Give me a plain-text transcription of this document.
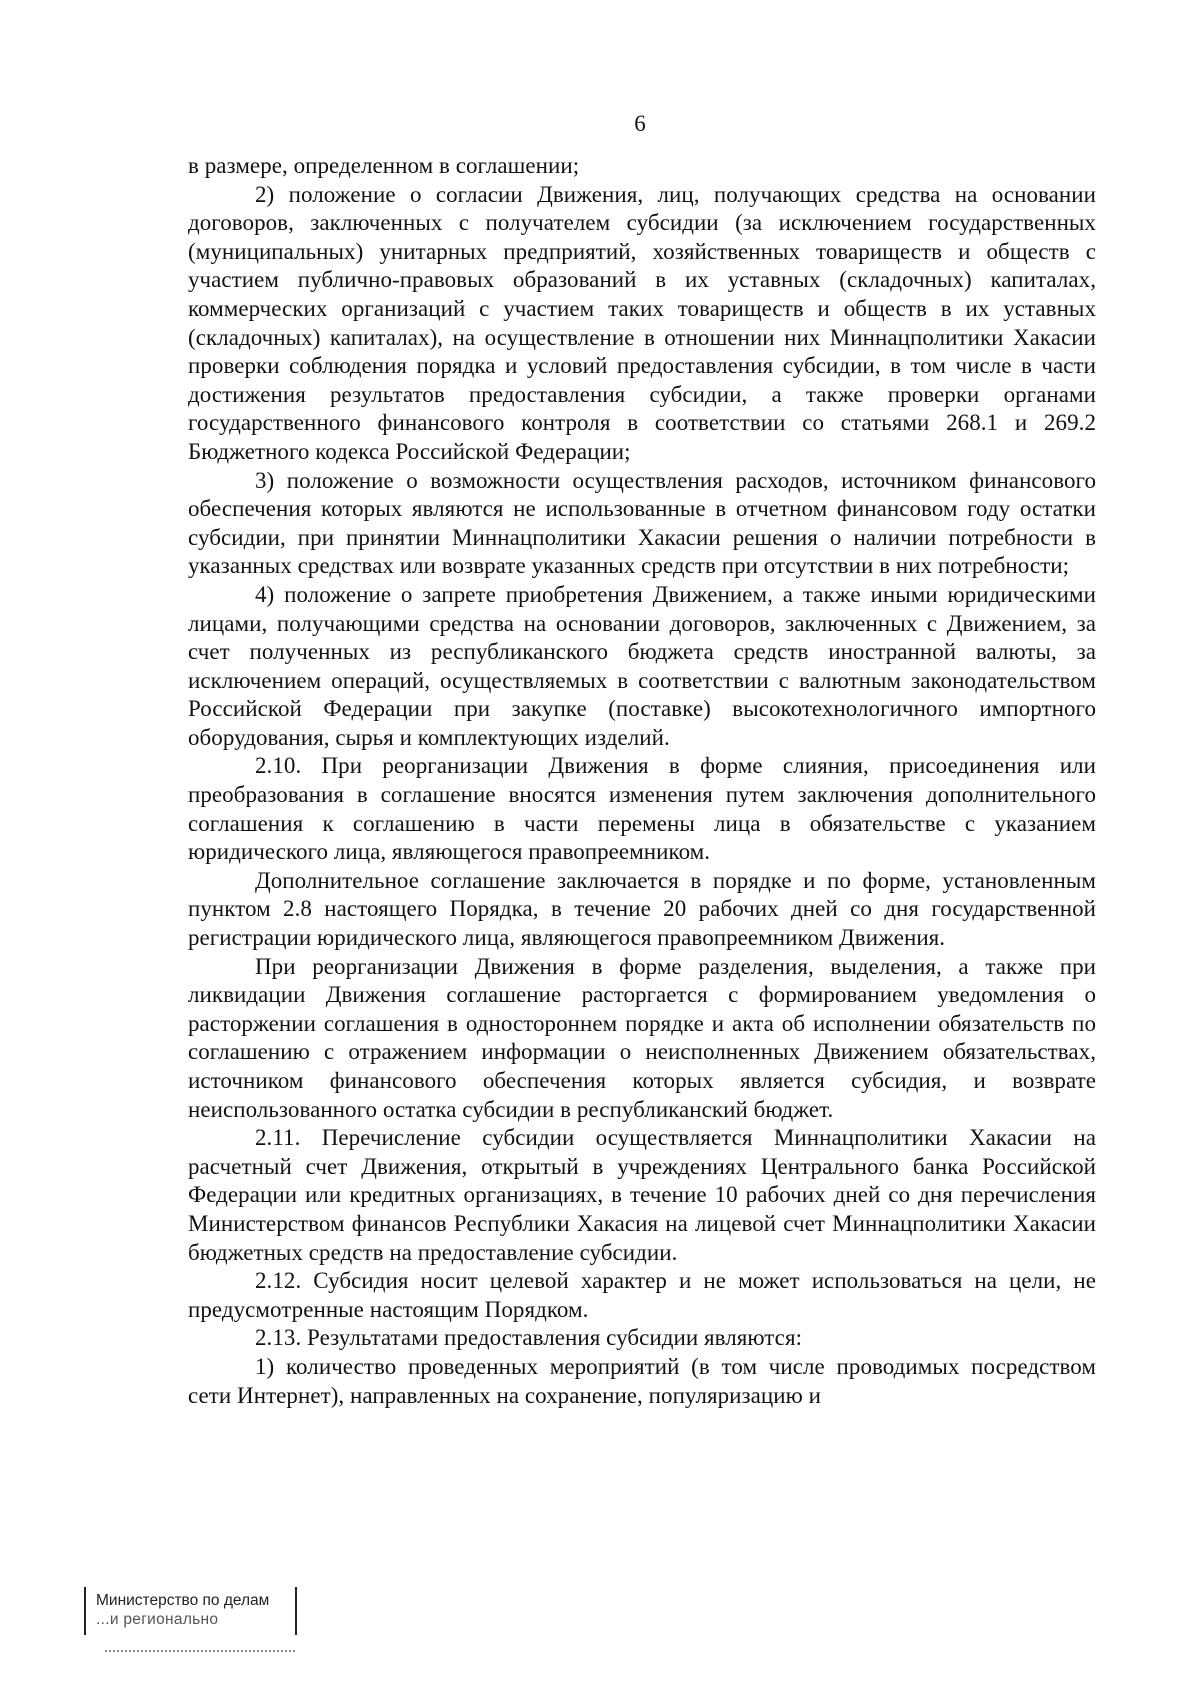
6

в размере, определенном в соглашении;

2) положение о согласии Движения, лиц, получающих средства на основании договоров, заключенных с получателем субсидии (за исключением государственных (муниципальных) унитарных предприятий, хозяйственных товариществ и обществ с участием публично-правовых образований в их уставных (складочных) капиталах, коммерческих организаций с участием таких товариществ и обществ в их уставных (складочных) капиталах), на осуществление в отношении них Миннацполитики Хакасии проверки соблюдения порядка и условий предоставления субсидии, в том числе в части достижения результатов предоставления субсидии, а также проверки органами государственного финансового контроля в соответствии со статьями 268.1 и 269.2 Бюджетного кодекса Российской Федерации;

3) положение о возможности осуществления расходов, источником финансового обеспечения которых являются не использованные в отчетном финансовом году остатки субсидии, при принятии Миннацполитики Хакасии решения о наличии потребности в указанных средствах или возврате указанных средств при отсутствии в них потребности;

4) положение о запрете приобретения Движением, а также иными юридическими лицами, получающими средства на основании договоров, заключенных с Движением, за счет полученных из республиканского бюджета средств иностранной валюты, за исключением операций, осуществляемых в соответствии с валютным законодательством Российской Федерации при закупке (поставке) высокотехнологичного импортного оборудования, сырья и комплектующих изделий.

2.10. При реорганизации Движения в форме слияния, присоединения или преобразования в соглашение вносятся изменения путем заключения дополнительного соглашения к соглашению в части перемены лица в обязательстве с указанием юридического лица, являющегося правопреемником.

Дополнительное соглашение заключается в порядке и по форме, установленным пунктом 2.8 настоящего Порядка, в течение 20 рабочих дней со дня государственной регистрации юридического лица, являющегося правопреемником Движения.

При реорганизации Движения в форме разделения, выделения, а также при ликвидации Движения соглашение расторгается с формированием уведомления о расторжении соглашения в одностороннем порядке и акта об исполнении обязательств по соглашению с отражением информации о неисполненных Движением обязательствах, источником финансового обеспечения которых является субсидия, и возврате неиспользованного остатка субсидии в республиканский бюджет.

2.11. Перечисление субсидии осуществляется Миннацполитики Хакасии на расчетный счет Движения, открытый в учреждениях Центрального банка Российской Федерации или кредитных организациях, в течение 10 рабочих дней со дня перечисления Министерством финансов Республики Хакасия на лицевой счет Миннацполитики Хакасии бюджетных средств на предоставление субсидии.

2.12. Субсидия носит целевой характер и не может использоваться на цели, не предусмотренные настоящим Порядком.

2.13. Результатами предоставления субсидии являются:

1) количество проведенных мероприятий (в том числе проводимых посредством сети Интернет), направленных на сохранение, популяризацию и

Министерство по делам
...и регионально
